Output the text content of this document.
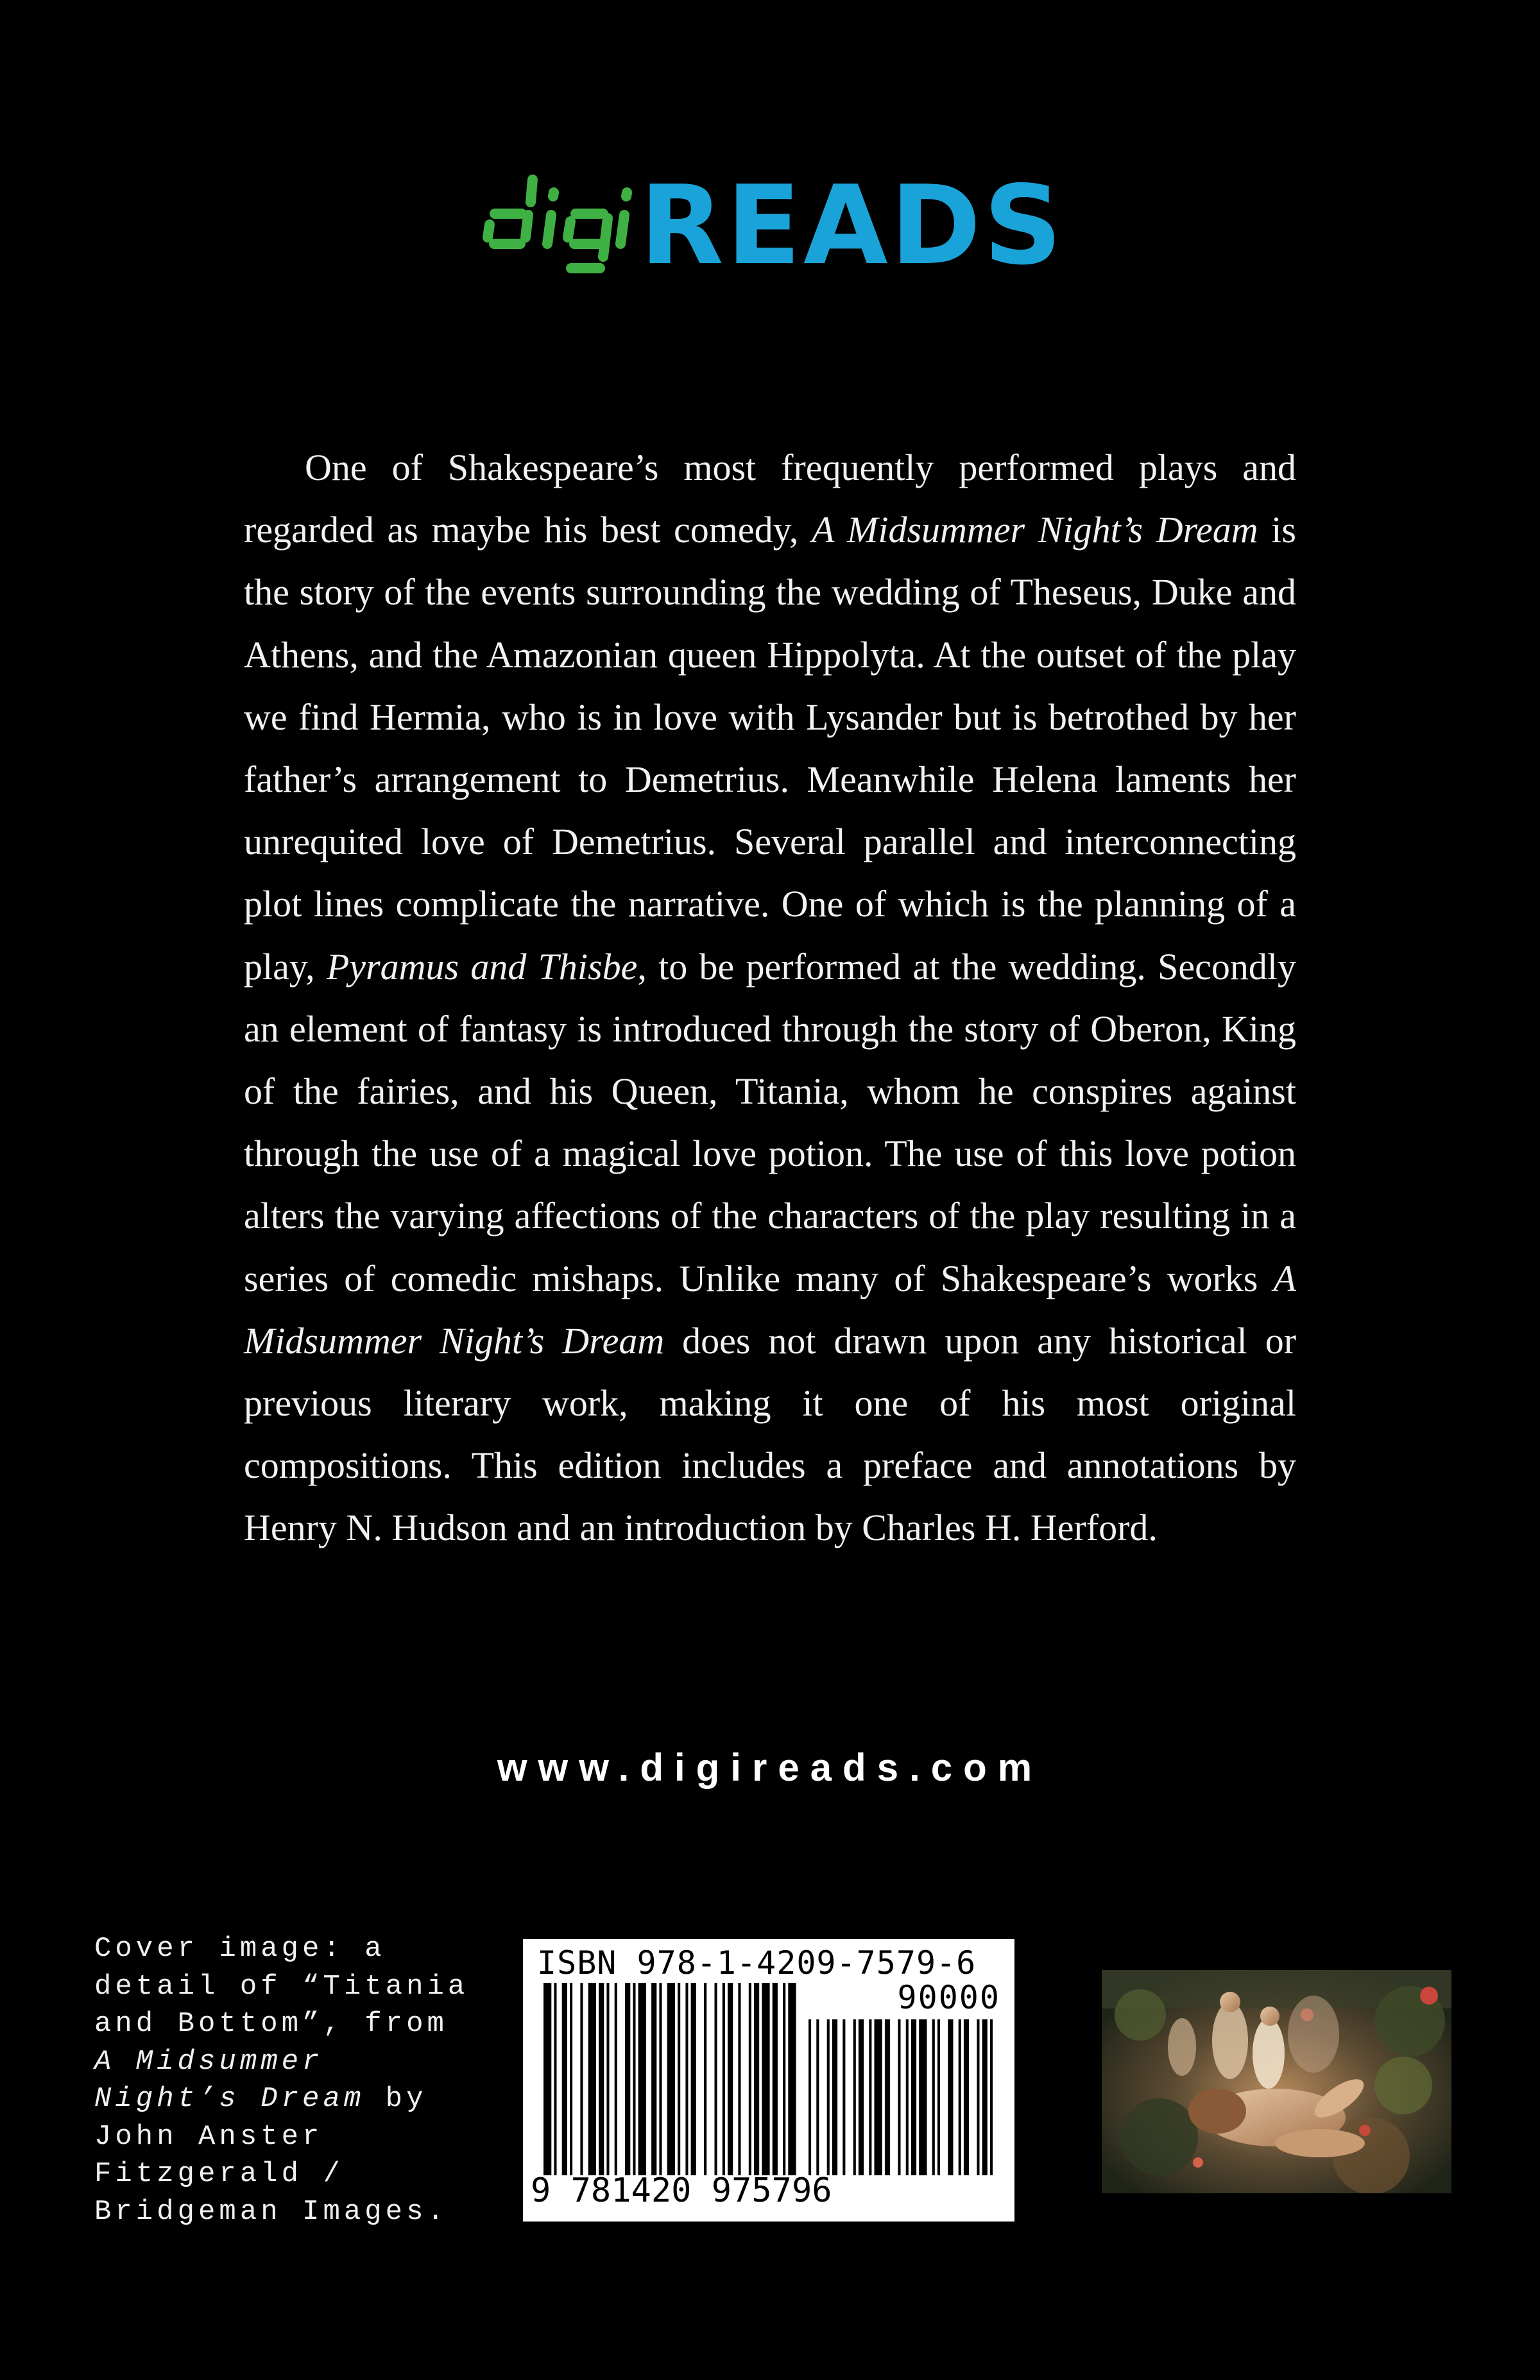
READS

One of Shakespeare’s most frequently performed plays and regarded as maybe his best comedy, A Midsummer Night’s Dream is the story of the events surrounding the wedding of Theseus, Duke and Athens, and the Amazonian queen Hippolyta. At the outset of the play we find Hermia, who is in love with Lysander but is betrothed by her father’s arrangement to Demetrius. Meanwhile Helena laments her unrequited love of Demetrius. Several parallel and interconnecting plot lines complicate the narrative. One of which is the planning of a play, Pyramus and Thisbe, to be performed at the wedding. Secondly an element of fantasy is introduced through the story of Oberon, King of the fairies, and his Queen, Titania, whom he conspires against through the use of a magical love potion. The use of this love potion alters the varying affections of the characters of the play resulting in a series of comedic mishaps. Unlike many of Shakespeare’s works A Midsummer Night’s Dream does not drawn upon any historical or previous literary work, making it one of his most original compositions. This edition includes a preface and annotations by Henry N. Hudson and an introduction by Charles H. Herford.

www.digireads.com
Cover image: a
detail of “Titania
and Bottom”, from
A Midsummer
Night’s Dream by
John Anster
Fitzgerald /
Bridgeman Images.
ISBN 978-1-4209-7579-6
90000
9 781420 975796
